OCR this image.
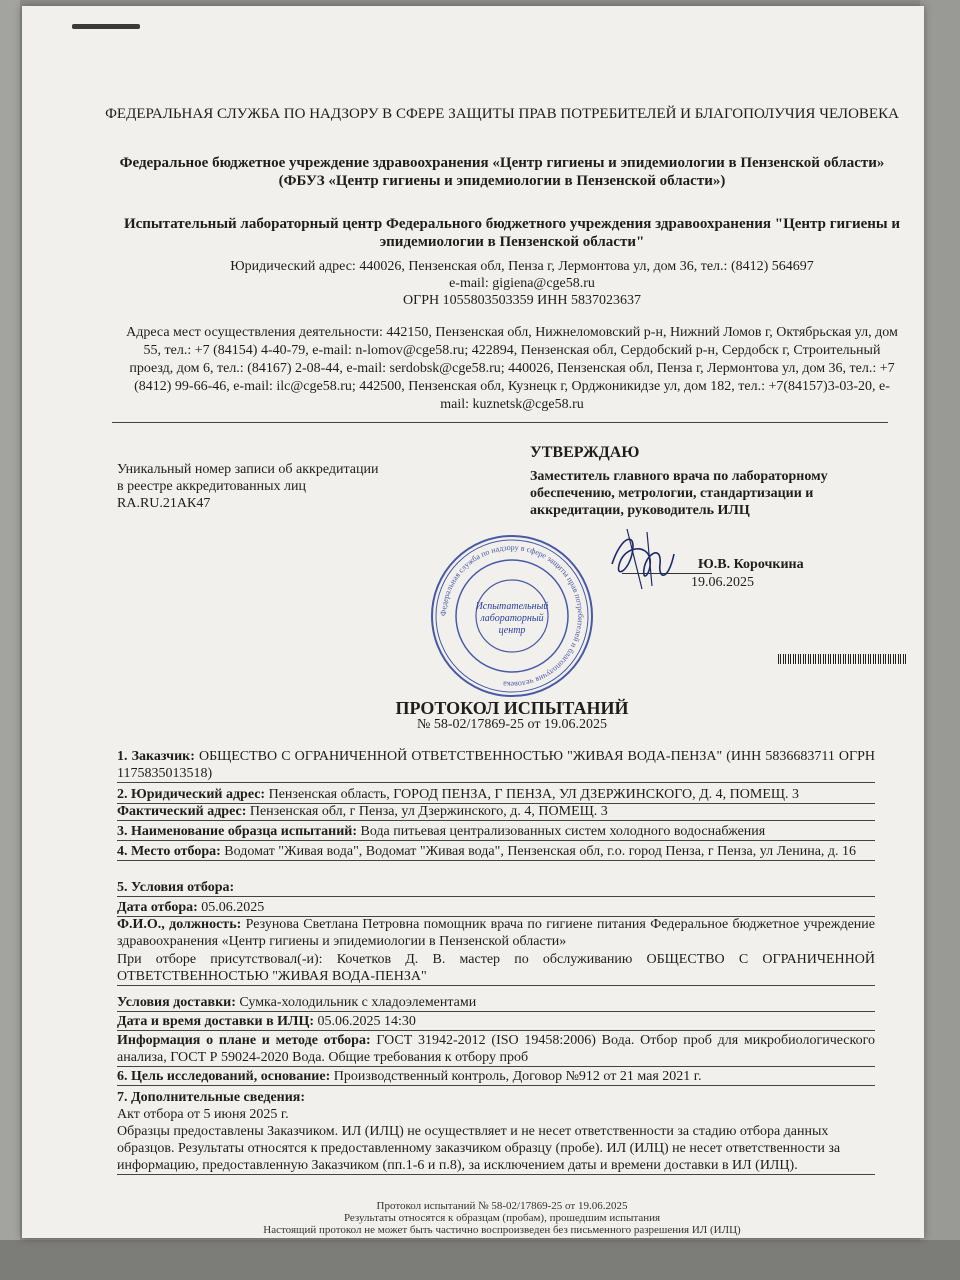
ФЕДЕРАЛЬНАЯ СЛУЖБА ПО НАДЗОРУ В СФЕРЕ ЗАЩИТЫ ПРАВ ПОТРЕБИТЕЛЕЙ И БЛАГОПОЛУЧИЯ ЧЕЛОВЕКА
Федеральное бюджетное учреждение здравоохранения «Центр гигиены и эпидемиологии в Пензенской области»
(ФБУЗ «Центр гигиены и эпидемиологии в Пензенской области»)
Испытательный лабораторный центр Федерального бюджетного учреждения здравоохранения "Центр гигиены и эпидемиологии в Пензенской области"
Юридический адрес: 440026, Пензенская обл, Пенза г, Лермонтова ул, дом 36, тел.: (8412) 564697
e-mail: gigiena@cge58.ru
ОГРН 1055803503359 ИНН 5837023637
Адреса мест осуществления деятельности: 442150, Пензенская обл, Нижнеломовский р-н, Нижний Ломов г, Октябрьская ул, дом 55, тел.: +7 (84154) 4-40-79, e-mail: n-lomov@cge58.ru; 422894, Пензенская обл, Сердобский р-н, Сердобск г, Строительный проезд, дом 6, тел.: (84167) 2-08-44, e-mail: serdobsk@cge58.ru; 440026, Пензенская обл, Пенза г, Лермонтова ул, дом 36, тел.: +7 (8412) 99-66-46, e-mail: ilc@cge58.ru; 442500, Пензенская обл, Кузнецк г, Орджоникидзе ул, дом 182, тел.: +7(84157)3-03-20, e-mail: kuznetsk@cge58.ru
Уникальный номер записи об аккредитации
в реестре аккредитованных лиц
RA.RU.21АК47
УТВЕРЖДАЮ
Заместитель главного врача по лабораторному обеспечению, метрологии, стандартизации и аккредитации, руководитель ИЛЦ
Ю.В. Корочкина
19.06.2025
Федеральная служба по надзору в сфере защиты прав потребителей и благополучия человека
Испытательный
лабораторный
центр
ПРОТОКОЛ ИСПЫТАНИЙ
№ 58-02/17869-25 от 19.06.2025
1. Заказчик: ОБЩЕСТВО С ОГРАНИЧЕННОЙ ОТВЕТСТВЕННОСТЬЮ "ЖИВАЯ ВОДА-ПЕНЗА" (ИНН 5836683711 ОГРН 1175835013518)
2. Юридический адрес: Пензенская область, ГОРОД ПЕНЗА, Г ПЕНЗА, УЛ ДЗЕРЖИНСКОГО, Д. 4, ПОМЕЩ. 3
Фактический адрес: Пензенская обл, г Пенза, ул Дзержинского, д. 4, ПОМЕЩ. 3
3. Наименование образца испытаний: Вода питьевая централизованных систем холодного водоснабжения
4. Место отбора: Водомат "Живая вода", Водомат "Живая вода", Пензенская обл, г.о. город Пенза, г Пенза, ул Ленина, д. 16
5. Условия отбора:
Дата отбора: 05.06.2025
Ф.И.О., должность: Резунова Светлана Петровна помощник врача по гигиене питания Федеральное бюджетное учреждение здравоохранения «Центр гигиены и эпидемиологии в Пензенской области»
При отборе присутствовал(-и): Кочетков Д. В. мастер по обслуживанию ОБЩЕСТВО С ОГРАНИЧЕННОЙ ОТВЕТСТВЕННОСТЬЮ "ЖИВАЯ ВОДА-ПЕНЗА"
Условия доставки: Сумка-холодильник с хладоэлементами
Дата и время доставки в ИЛЦ: 05.06.2025 14:30
Информация о плане и методе отбора: ГОСТ 31942-2012 (ISO 19458:2006) Вода. Отбор проб для микробиологического анализа, ГОСТ Р 59024-2020 Вода. Общие требования к отбору проб
6. Цель исследований, основание: Производственный контроль, Договор №912 от 21 мая 2021 г.
7. Дополнительные сведения:
Акт отбора от 5 июня 2025 г.
Образцы предоставлены Заказчиком. ИЛ (ИЛЦ) не осуществляет и не несет ответственности за стадию отбора данных образцов. Результаты относятся к предоставленному заказчиком образцу (пробе). ИЛ (ИЛЦ) не несет ответственности за информацию, предоставленную Заказчиком (пп.1-6 и п.8), за исключением даты и времени доставки в ИЛ (ИЛЦ).
Протокол испытаний № 58-02/17869-25 от 19.06.2025
Результаты относятся к образцам (пробам), прошедшим испытания
Настоящий протокол не может быть частично воспроизведен без письменного разрешения ИЛ (ИЛЦ)
